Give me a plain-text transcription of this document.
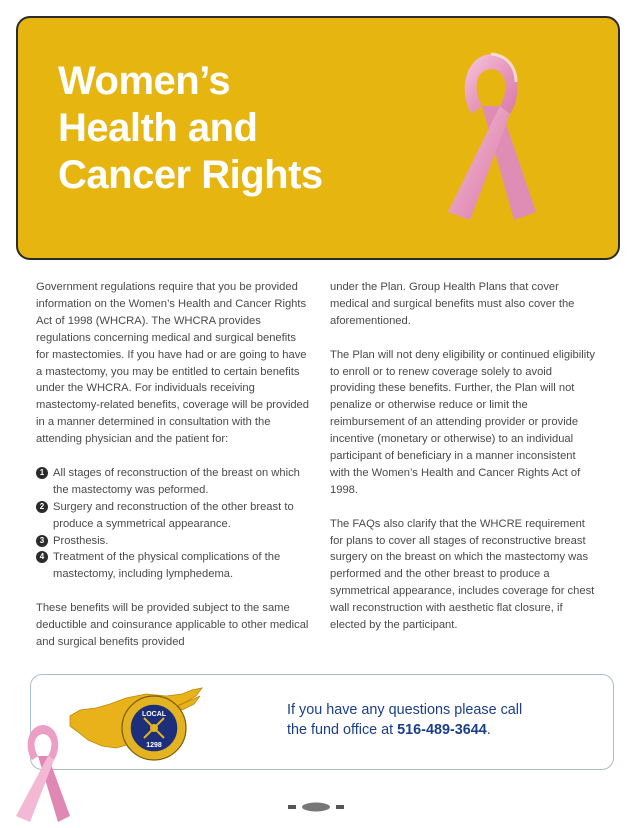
Women’s
Health and
Cancer Rights

Government regulations require that you be provided information on the Women’s Health and Cancer Rights Act of 1998 (WHCRA). The WHCRA provides regulations concerning medical and surgical benefits for mastectomies. If you have had or are going to have a mastectomy, you may be entitled to certain benefits under the WHCRA. For individuals receiving mastectomy-related benefits, coverage will be provided in a manner determined in consultation with the attending physician and the patient for:

1 All stages of reconstruction of the breast on which the mastectomy was peformed.
2 Surgery and reconstruction of the other breast to produce a symmetrical appearance.
3 Prosthesis.
4 Treatment of the physical complications of the mastectomy, including lymphedema.

These benefits will be provided subject to the same deductible and coinsurance applicable to other medical and surgical benefits provided

under the Plan. Group Health Plans that cover medical and surgical benefits must also cover the aforementioned.

The Plan will not deny eligibility or continued eligibility to enroll or to renew coverage solely to avoid providing these benefits. Further, the Plan will not penalize or otherwise reduce or limit the reimbursement of an attending provider or provide incentive (monetary or otherwise) to an individual participant of beneficiary in a manner inconsistent with the Women’s Health and Cancer Rights Act of 1998.

The FAQs also clarify that the WHCRE requirement for plans to cover all stages of reconstructive breast surgery on the breast on which the mastectomy was performed and the other breast to produce a symmetrical appearance, includes coverage for chest wall reconstruction with aesthetic flat closure, if elected by the participant.

LOCAL
1298
If you have any questions please call
the fund office at 516-489-3644.
